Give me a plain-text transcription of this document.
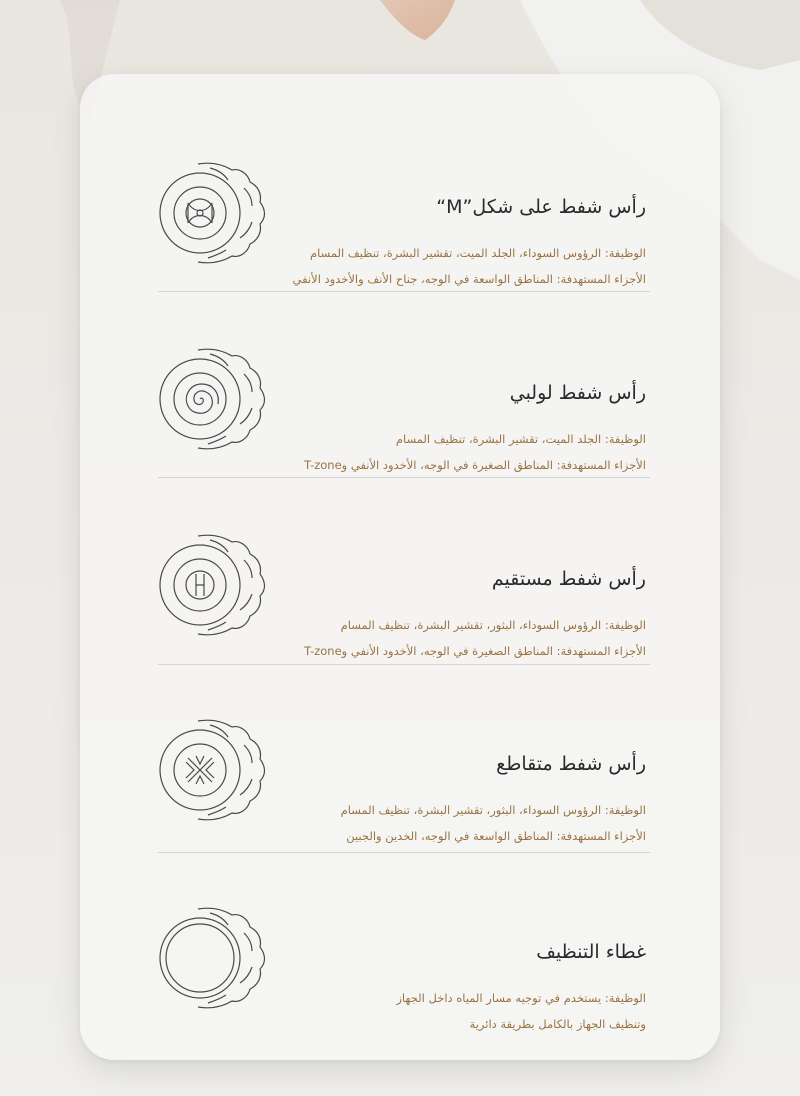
رأس شفط على شكل”M“
الوظيفة: الرؤوس السوداء، الجلد الميت، تقشير البشرة، تنظيف المسام
الأجزاء المستهدفة: المناطق الواسعة في الوجه، جناح الأنف والأخدود الأنفي
رأس شفط لولبي
الوظيفة: الجلد الميت، تقشير البشرة، تنظيف المسام
الأجزاء المستهدفة: المناطق الصغيرة في الوجه، الأخدود الأنفي وT-zone
رأس شفط مستقيم
الوظيفة: الرؤوس السوداء، البثور، تقشير البشرة، تنظيف المسام
الأجزاء المستهدفة: المناطق الصغيرة في الوجه، الأخدود الأنفي وT-zone
رأس شفط متقاطع
الوظيفة: الرؤوس السوداء، البثور، تقشير البشرة، تنظيف المسام
الأجزاء المستهدفة: المناطق الواسعة في الوجه، الخدين والجبين
غطاء التنظيف
الوظيفة: يستخدم في توجيه مسار المياه داخل الجهاز
وتنظيف الجهاز بالكامل بطريقة دائرية
